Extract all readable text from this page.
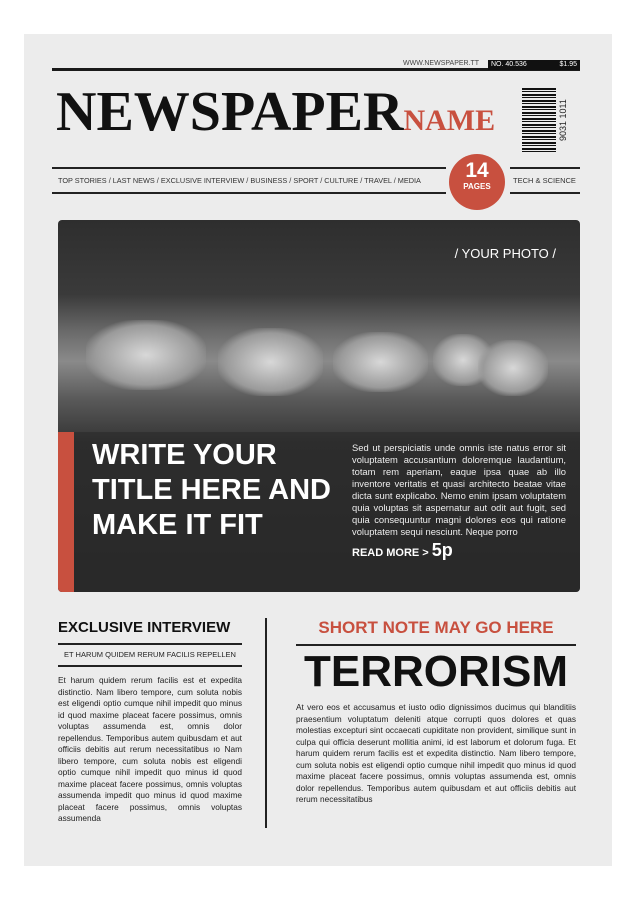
WWW.NEWSPAPER.TT NO. 40.536	$1.95
NEWSPAPERNAME	9031 1011
TOP STORIES / LAST NEWS / EXCLUSIVE INTERVIEW / BUSINESS / SPORT / CULTURE / TRAVEL / MEDIA	TECH & SCIENCE
14
PAGES
/ YOUR PHOTO /
WRITE YOUR TITLE HERE AND MAKE IT FIT
Sed ut perspiciatis unde omnis iste natus error sit voluptatem accusantium doloremque laudantium, totam rem aperiam, eaque ipsa quae ab illo inventore veritatis et quasi architecto beatae vitae dicta sunt explicabo. Nemo enim ipsam voluptatem quia voluptas sit aspernatur aut odit aut fugit, sed quia consequuntur magni dolores eos qui ratione voluptatem sequi nesciunt. Neque porro
READ MORE > 5p
EXCLUSIVE INTERVIEW
ET HARUM QUIDEM RERUM FACILIS REPELLEN
Et harum quidem rerum facilis est et expedita distinctio. Nam libero tempore, cum soluta nobis est eligendi optio cumque nihil impedit quo minus id quod maxime placeat facere possimus, omnis voluptas assumenda est, omnis dolor repellendus. Temporibus autem quibusdam et aut officiis debitis aut rerum necessitatibus ıo Nam libero tempore, cum soluta nobis est eligendi optio cumque nihil impedit quo minus id quod maxime placeat facere possimus, omnis voluptas assumenda impedit quo minus id quod maxime placeat facere possimus, omnis voluptas assumenda
SHORT NOTE MAY GO HERE
TERRORISM
At vero eos et accusamus et iusto odio dignissimos ducimus qui blanditiis praesentium voluptatum deleniti atque corrupti quos dolores et quas molestias excepturi sint occaecati cupiditate non provident, similique sunt in culpa qui officia deserunt mollitia animi, id est laborum et dolorum fuga. Et harum quidem rerum facilis est et expedita distinctio. Nam libero tempore, cum soluta nobis est eligendi optio cumque nihil impedit quo minus id quod maxime placeat facere possimus, omnis voluptas assumenda est, omnis dolor repellendus. Temporibus autem quibusdam et aut officiis debitis aut rerum necessitatibus
